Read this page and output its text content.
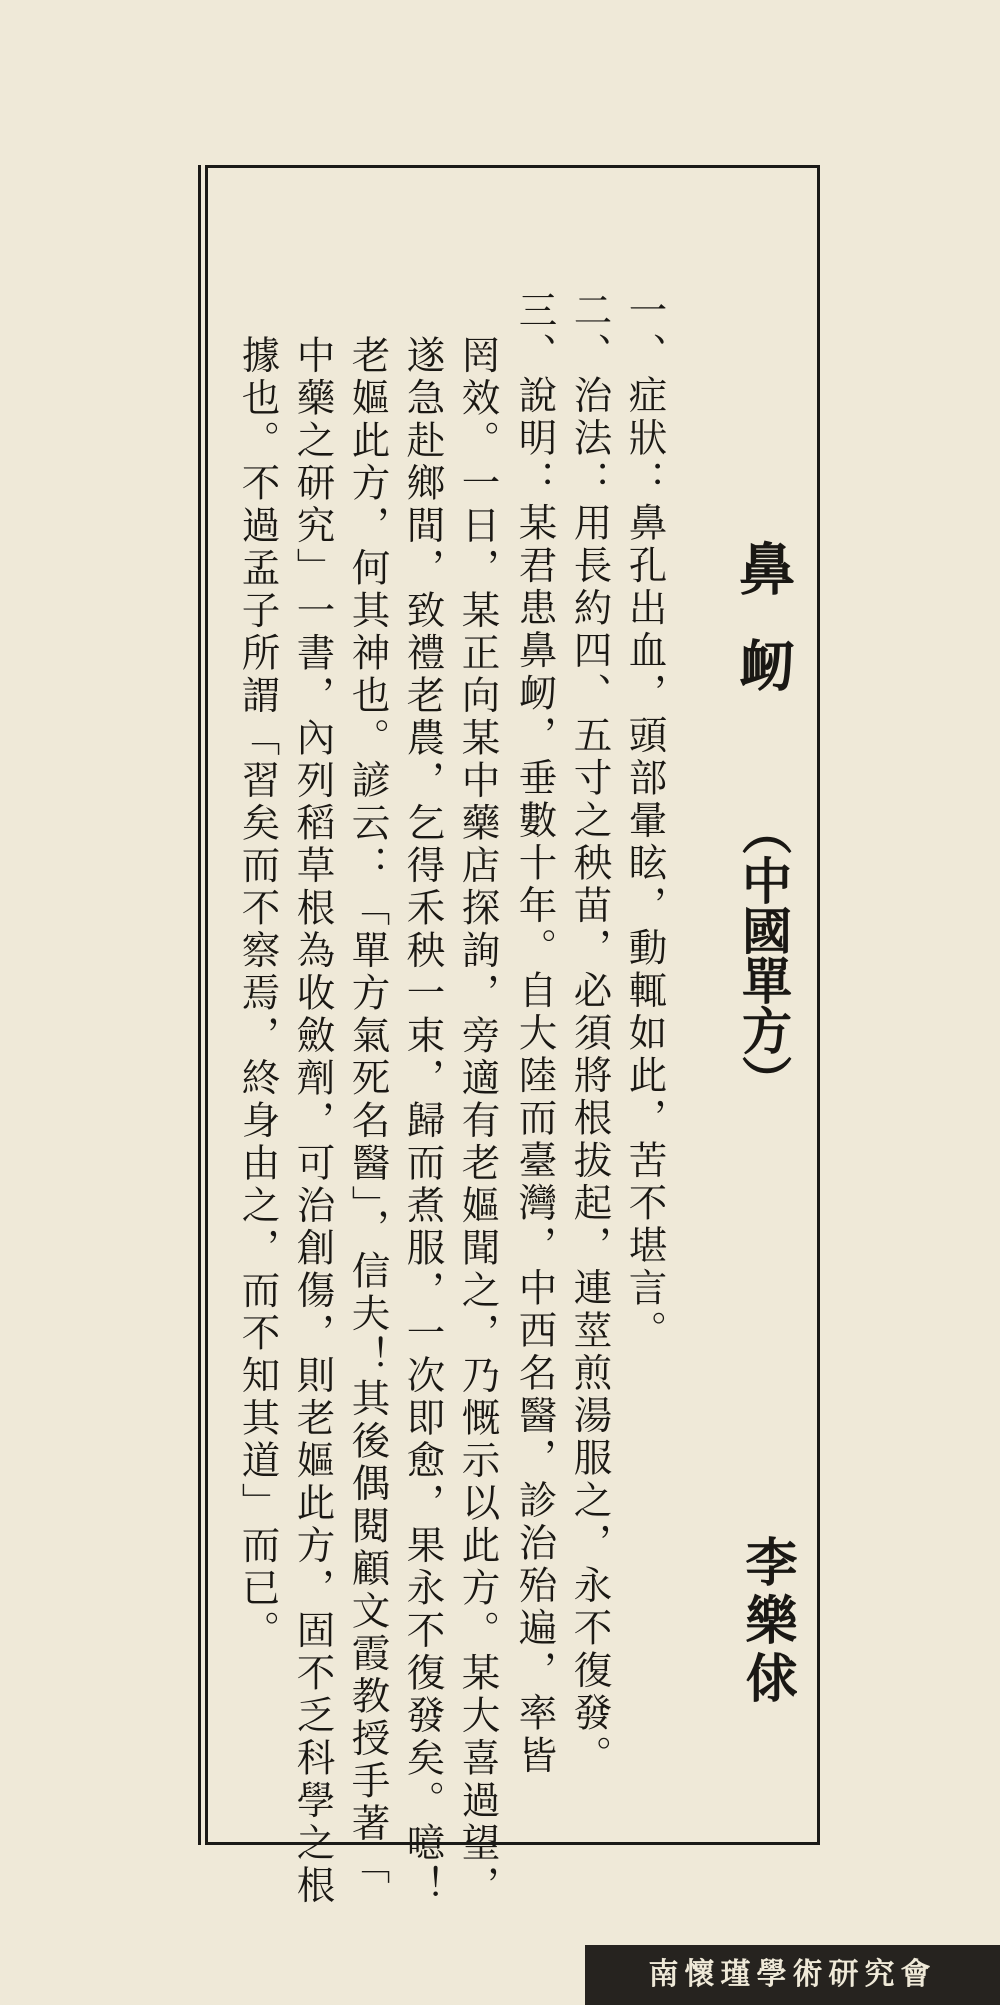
鼻衂
（中國單方）
李樂俅
一、症狀：鼻孔出血，頭部暈眩，動輒如此，苦不堪言。
二、治法：用長約四、五寸之秧苗，必須將根拔起，連莖煎湯服之，永不復發。
三、說明：某君患鼻衂，垂數十年。自大陸而臺灣，中西名醫，診治殆遍，率皆
罔效。一日，某正向某中藥店探詢，旁適有老嫗聞之，乃慨示以此方。某大喜過望，
遂急赴鄉間，致禮老農，乞得禾秧一束，歸而煮服，一次即愈，果永不復發矣。噫！
老嫗此方，何其神也。諺云：「單方氣死名醫」，信夫！其後偶閱顧文霞教授手著「
中藥之研究」一書，內列稻草根為收斂劑，可治創傷，則老嫗此方，固不乏科學之根
據也。不過孟子所謂「習矣而不察焉，終身由之，而不知其道」而已。
南懷瑾學術研究會
